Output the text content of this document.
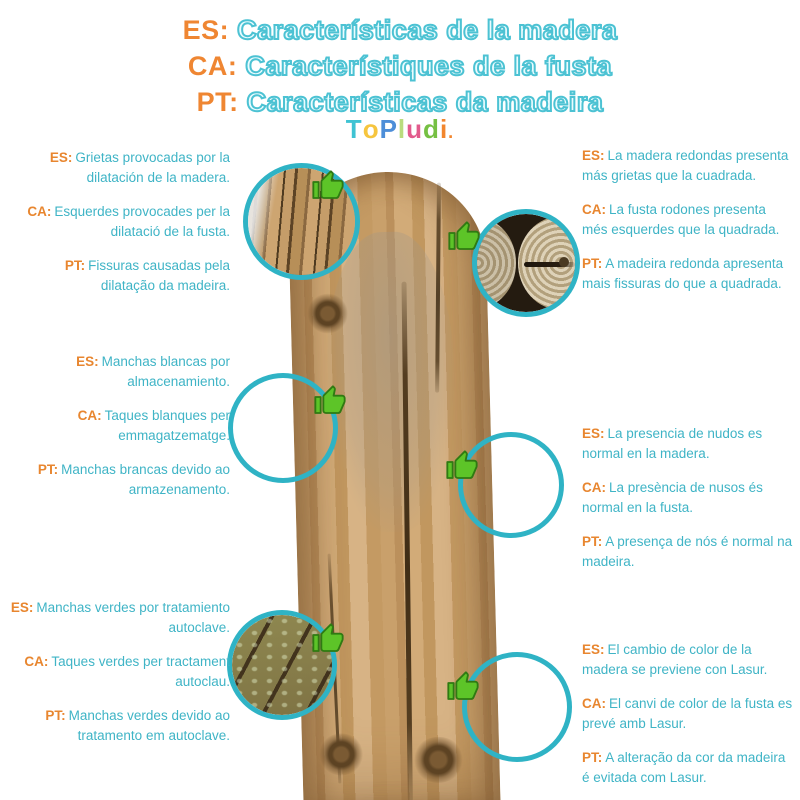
ES: Características de la madera
CA: Característiques de la fusta
PT: Características da madeira
ToPludi.

ES: Grietas provocadas por la dilatación de la madera.

CA: Esquerdes provocades per la dilatació de la fusta.

PT: Fissuras causadas pela dilatação da madeira.

ES: Manchas blancas por almacenamiento.

CA: Taques blanques per emmagatzematge.

PT: Manchas brancas devido ao armazenamento.

ES: Manchas verdes por tratamiento autoclave.

CA: Taques verdes per tractament autoclau.

PT: Manchas verdes devido ao tratamento em autoclave.

ES: La madera redondas presenta más grietas que la cuadrada.

CA: La fusta rodones presenta més esquerdes que la quadrada.

PT: A madeira redonda apresenta mais fissuras do que a quadrada.

ES: La presencia de nudos es normal en la madera.

CA: La presència de nusos és normal en la fusta.

PT: A presença de nós é normal na madeira.

ES: El cambio de color de la madera se previene con Lasur.

CA: El canvi de color de la fusta es prevé amb Lasur.

PT: A alteração da cor da madeira é evitada com Lasur.
